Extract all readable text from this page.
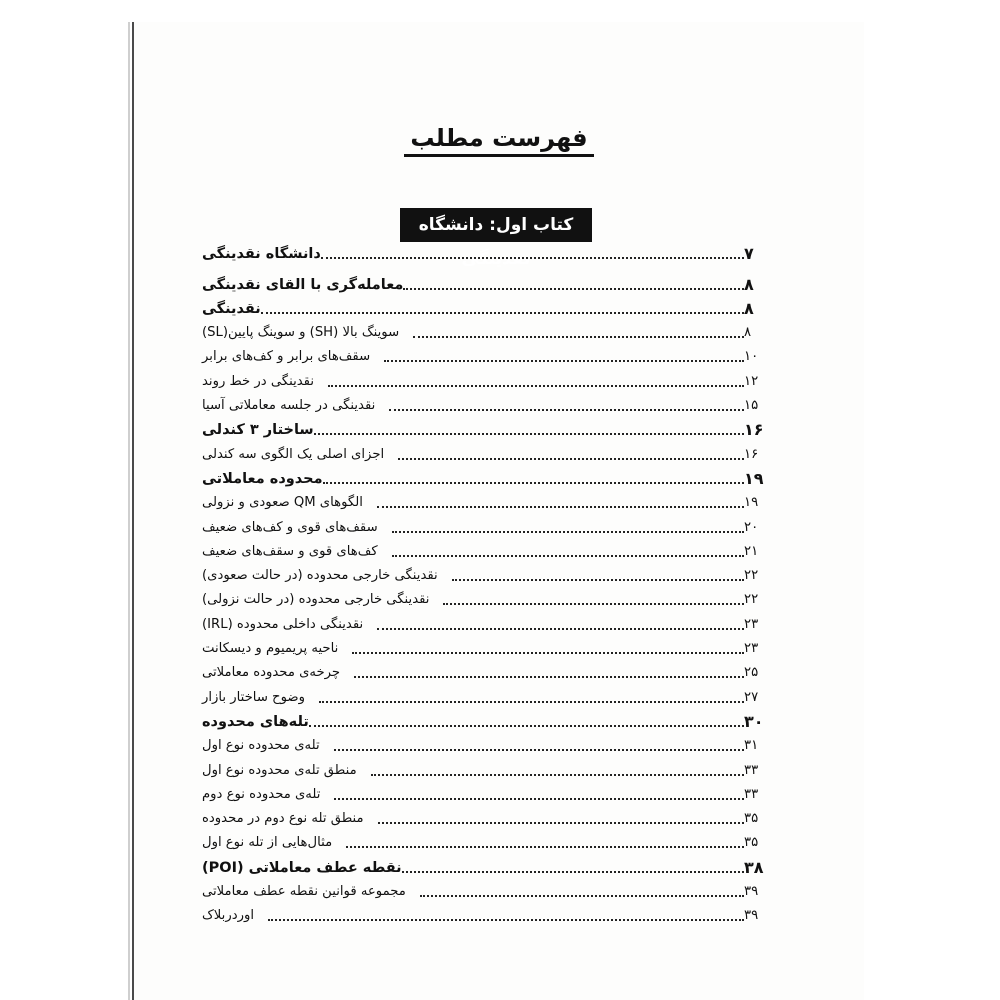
فهرست مطلب
کتاب اول: دانشگاه نقدینگی
دانشگاه نقدینگی	۷
معامله‌گری با القای نقدینگی	۸
نقدینگی	۸
سوینگ بالا (SH) و سوینگ پایین(SL)	۸
سقف‌های برابر و کف‌های برابر	۱۰
نقدینگی در خط روند	۱۲
نقدینگی در جلسه معاملاتی آسیا	۱۵
ساختار ۳ کندلی	۱۶
اجزای اصلی یک الگوی سه کندلی	۱۶
محدوده معاملاتی	۱۹
الگوهای QM صعودی و نزولی	۱۹
سقف‌های قوی و کف‌های ضعیف	۲۰
کف‌های قوی و سقف‌های ضعیف	۲۱
نقدینگی خارجی محدوده (در حالت صعودی)	۲۲
نقدینگی خارجی محدوده (در حالت نزولی)	۲۲
نقدینگی داخلی محدوده (IRL)	۲۳
ناحیه پریمیوم و دیسکانت	۲۳
چرخه‌ی محدوده معاملاتی	۲۵
وضوح ساختار بازار	۲۷
تله‌های محدوده	۳۰
تله‌ی محدوده نوع اول	۳۱
منطق تله‌ی محدوده نوع اول	۳۳
تله‌ی محدوده نوع دوم	۳۳
منطق تله نوع دوم در محدوده	۳۵
مثال‌هایی از تله نوع اول	۳۵
نقطه عطف معاملاتی (POI)	۳۸
مجموعه قوانین نقطه عطف معاملاتی	۳۹
اوردربلاک	۳۹
